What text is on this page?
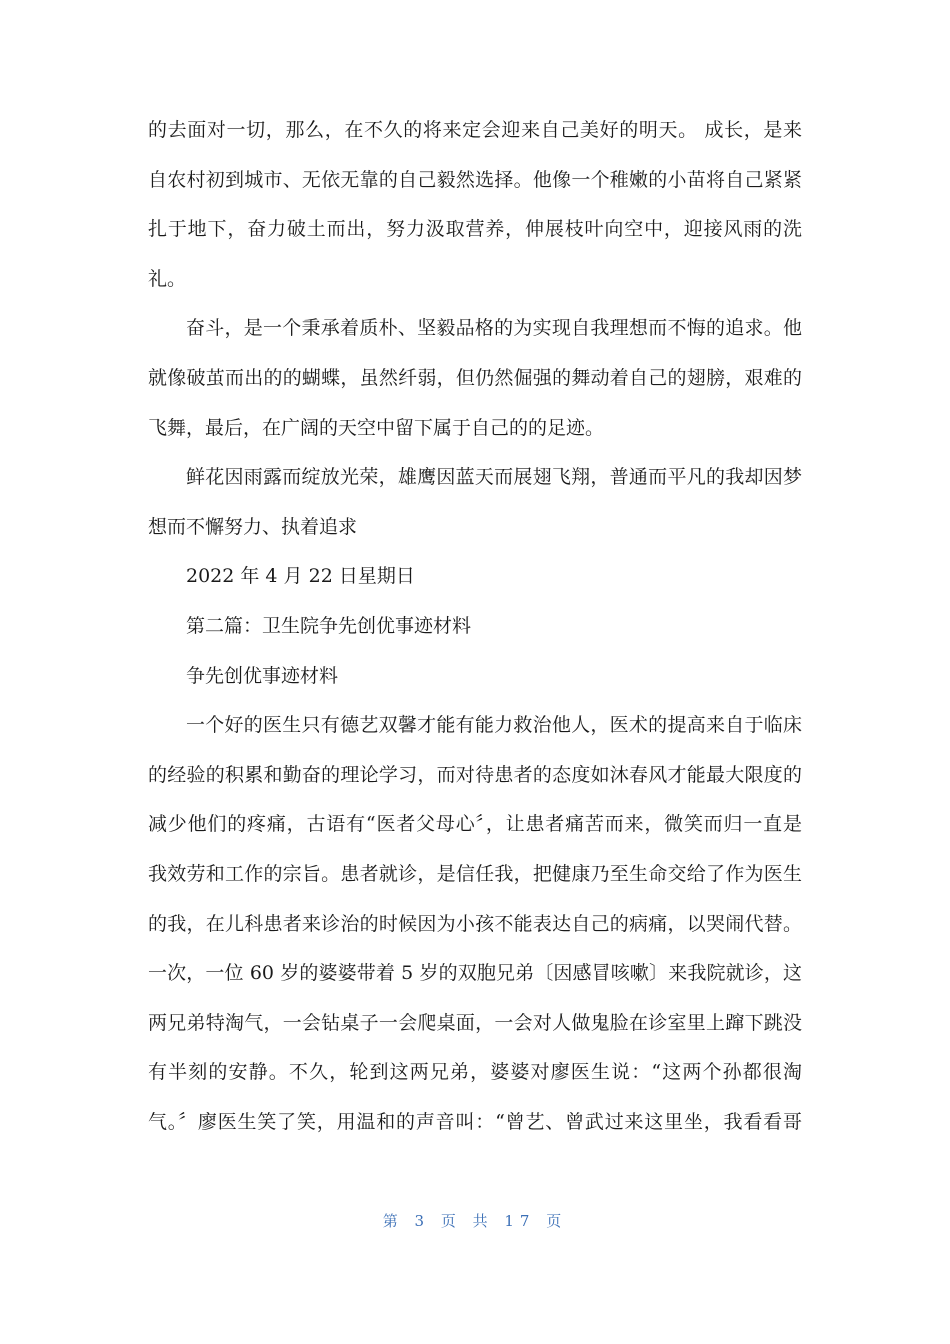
的去面对一切，那么，在不久的将来定会迎来自己美好的明天。 成长，是来
自农村初到城市、无依无靠的自己毅然选择。他像一个稚嫩的小苗将自己紧紧
扎于地下，奋力破土而出，努力汲取营养，伸展枝叶向空中，迎接风雨的洗
礼。
奋斗，是一个秉承着质朴、坚毅品格的为实现自我理想而不悔的追求。他
就像破茧而出的的蝴蝶，虽然纤弱，但仍然倔强的舞动着自己的翅膀，艰难的
飞舞，最后，在广阔的天空中留下属于自己的的足迹。
鲜花因雨露而绽放光荣，雄鹰因蓝天而展翅飞翔，普通而平凡的我却因梦
想而不懈努力、执着追求
2022 年 4 月 22 日星期日
第二篇：卫生院争先创优事迹材料
争先创优事迹材料
一个好的医生只有德艺双馨才能有能力救治他人，医术的提高来自于临床
的经验的积累和勤奋的理论学习，而对待患者的态度如沐春风才能最大限度的
减少他们的疼痛，古语有“医者父母心〞，让患者痛苦而来，微笑而归一直是
我效劳和工作的宗旨。患者就诊，是信任我，把健康乃至生命交给了作为医生
的我，在儿科患者来诊治的时候因为小孩不能表达自己的病痛，以哭闹代替。
一次，一位 60 岁的婆婆带着 5 岁的双胞兄弟〔因感冒咳嗽〕来我院就诊，这
两兄弟特淘气，一会钻桌子一会爬桌面，一会对人做鬼脸在诊室里上蹿下跳没
有半刻的安静。不久，轮到这两兄弟，婆婆对廖医生说：“这两个孙都很淘
气。〞廖医生笑了笑，用温和的声音叫：“曾艺、曾武过来这里坐，我看看哥
第 3 页 共 17 页
